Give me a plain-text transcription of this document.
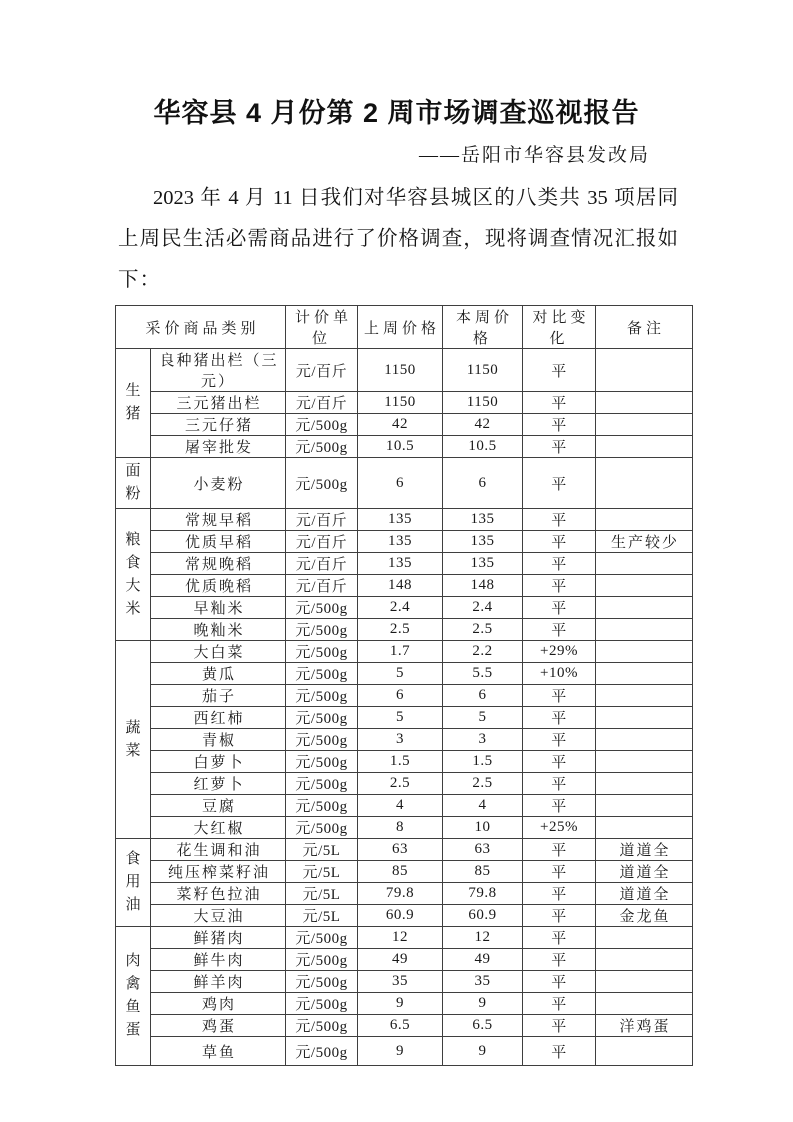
华容县 4 月份第 2 周市场调查巡视报告
——岳阳市华容县发改局
2023 年 4 月 11 日我们对华容县城区的八类共 35 项居同
上周民生活必需商品进行了价格调查，现将调查情况汇报如
下：
采价商品类别		计价单位	上周价格	本周价格	对比变化	备注
生
猪	良种猪出栏（三元）	元/百斤	1150	1150	平	
	三元猪出栏	元/百斤	1150	1150	平	
	三元仔猪	元/500g	42	42	平	
	屠宰批发	元/500g	10.5	10.5	平	
面
粉	小麦粉	元/500g	6	6	平	
粮
食
大
米	常规早稻	元/百斤	135	135	平	
	优质早稻	元/百斤	135	135	平	生产较少
	常规晚稻	元/百斤	135	135	平	
	优质晚稻	元/百斤	148	148	平	
	早籼米	元/500g	2.4	2.4	平	
	晚籼米	元/500g	2.5	2.5	平	
蔬
菜	大白菜	元/500g	1.7	2.2	+29%	
	黄瓜	元/500g	5	5.5	+10%	
	茄子	元/500g	6	6	平	
	西红柿	元/500g	5	5	平	
	青椒	元/500g	3	3	平	
	白萝卜	元/500g	1.5	1.5	平	
	红萝卜	元/500g	2.5	2.5	平	
	豆腐	元/500g	4	4	平	
	大红椒	元/500g	8	10	+25%	
食
用
油	花生调和油	元/5L	63	63	平	道道全
	纯压榨菜籽油	元/5L	85	85	平	道道全
	菜籽色拉油	元/5L	79.8	79.8	平	道道全
	大豆油	元/5L	60.9	60.9	平	金龙鱼
肉
禽
鱼
蛋	鲜猪肉	元/500g	12	12	平	
	鲜牛肉	元/500g	49	49	平	
	鲜羊肉	元/500g	35	35	平	
	鸡肉	元/500g	9	9	平	
	鸡蛋	元/500g	6.5	6.5	平	洋鸡蛋
	草鱼	元/500g	9	9	平	
